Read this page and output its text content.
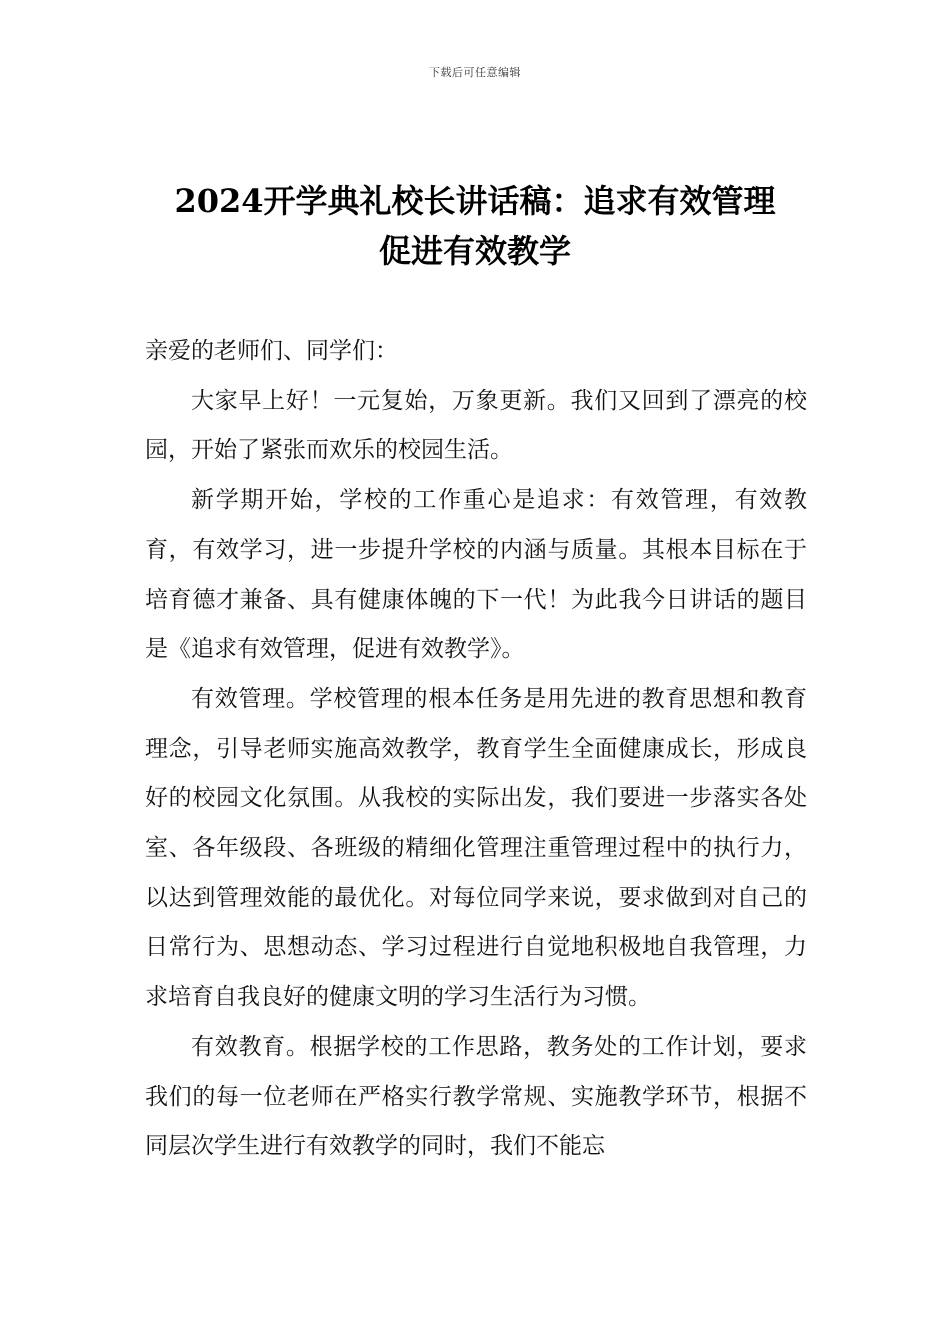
下载后可任意编辑
2024开学典礼校长讲话稿：追求有效管理
促进有效教学
亲爱的老师们、同学们：

大家早上好！一元复始，万象更新。我们又回到了漂亮的校园，开始了紧张而欢乐的校园生活。

新学期开始，学校的工作重心是追求：有效管理，有效教育，有效学习，进一步提升学校的内涵与质量。其根本目标在于培育德才兼备、具有健康体魄的下一代！为此我今日讲话的题目是《追求有效管理，促进有效教学》。

有效管理。学校管理的根本任务是用先进的教育思想和教育理念，引导老师实施高效教学，教育学生全面健康成长，形成良好的校园文化氛围。从我校的实际出发，我们要进一步落实各处室、各年级段、各班级的精细化管理注重管理过程中的执行力，以达到管理效能的最优化。对每位同学来说，要求做到对自己的日常行为、思想动态、学习过程进行自觉地积极地自我管理，力求培育自我良好的健康文明的学习生活行为习惯。

有效教育。根据学校的工作思路，教务处的工作计划，要求我们的每一位老师在严格实行教学常规、实施教学环节，根据不同层次学生进行有效教学的同时，我们不能忘
